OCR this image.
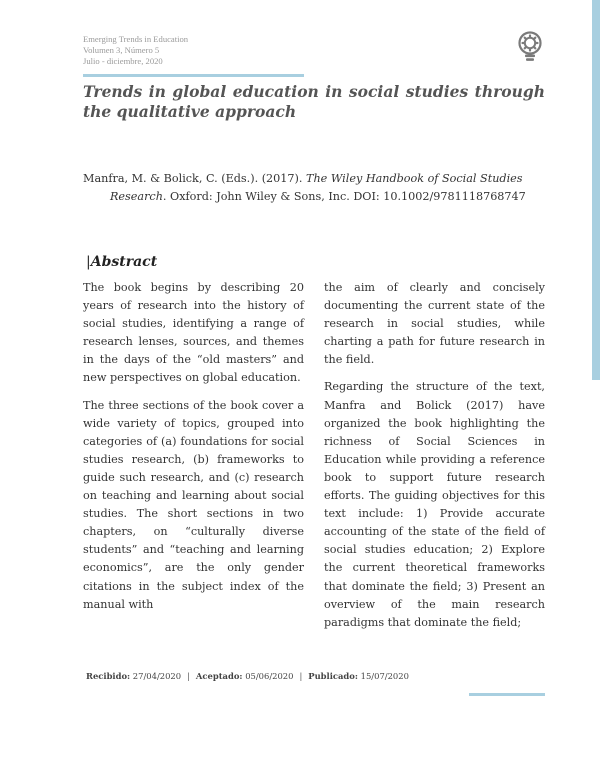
Emerging Trends in Education
Volumen 3, Número 5
Julio - diciembre, 2020
Trends in global education in social studies through the qualitative approach
Manfra, M. & Bolick, C. (Eds.). (2017). The Wiley Handbook of Social Studies
Research. Oxford: John Wiley & Sons, Inc. DOI: 10.1002/9781118768747
|Abstract

The book begins by describing 20 years of research into the history of social studies, identifying a range of research lenses, sources, and themes in the days of the “old masters” and new perspectives on global education.

The three sections of the book cover a wide variety of topics, grouped into categories of (a) foundations for social studies research, (b) frameworks to guide such research, and (c) research on teaching and learning about social studies. The short sections in two chapters, on “culturally diverse students” and “teaching and learning economics”, are the only gender citations in the subject index of the manual with

the aim of clearly and concisely documenting the current state of the research in social studies, while charting a path for future research in the field.

Regarding the structure of the text, Manfra and Bolick (2017) have organized the book highlighting the richness of Social Sciences in Education while providing a reference book to support future research efforts. The guiding objectives for this text include: 1) Provide accurate accounting of the state of the field of social studies education; 2) Explore the current theoretical frameworks that dominate the field; 3) Present an overview of the main research paradigms that dominate the field;

Recibido: 27/04/2020 | Aceptado: 05/06/2020 | Publicado: 15/07/2020
